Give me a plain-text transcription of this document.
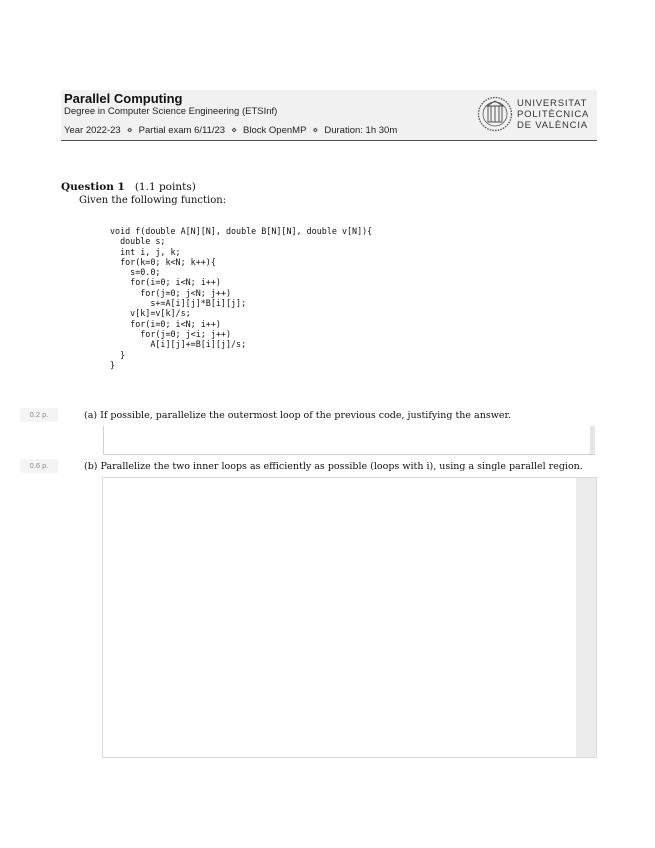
Parallel Computing
Degree in Computer Science Engineering (ETSInf)
Year 2022-23 ⋄ Partial exam 6/11/23 ⋄ Block OpenMP ⋄ Duration: 1h 30m
UNIVERSITAT
POLITÈCNICA
DE VALÈNCIA
Question 1 (1.1 points)
Given the following function:
void f(double A[N][N], double B[N][N], double v[N]){
double s;
int i, j, k;
for(k=0; k<N; k++){
s=0.0;
for(i=0; i<N; i++)
for(j=0; j<N; j++)
s+=A[i][j]*B[i][j];
v[k]=v[k]/s;
for(i=0; i<N; i++)
for(j=0; j<i; j++)
A[i][j]+=B[i][j]/s;
}
}
0.2 p.	(a) If possible, parallelize the outermost loop of the previous code, justifying the answer.
0.6 p.	(b) Parallelize the two inner loops as efficiently as possible (loops with i), using a single parallel region.
